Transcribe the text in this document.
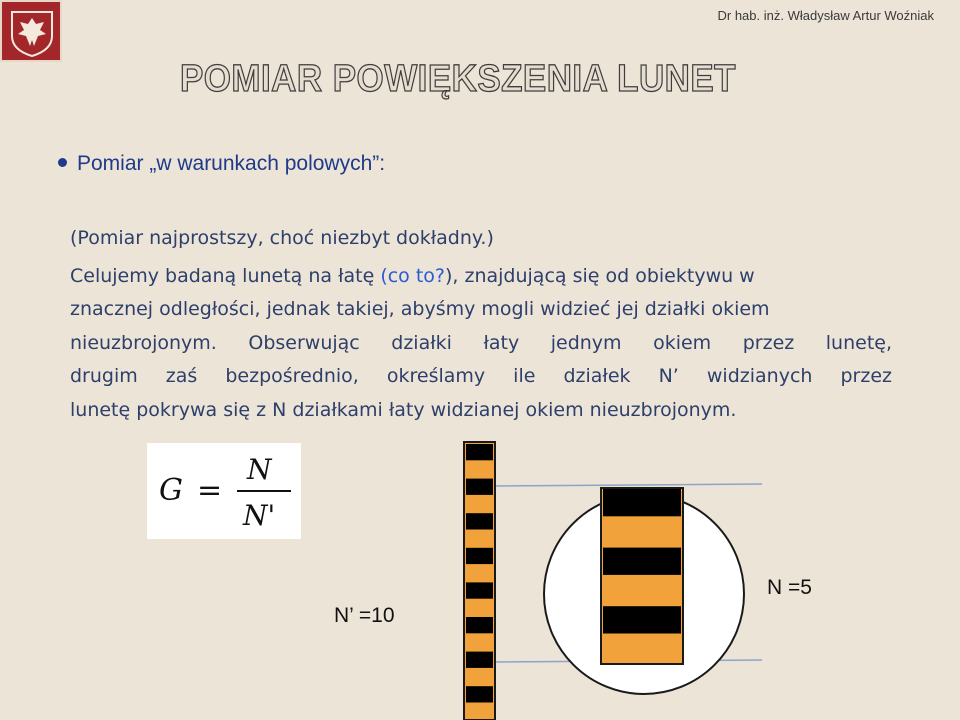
Dr hab. inż. Władysław Artur Woźniak
POMIAR POWIĘKSZENIA LUNET
Pomiar „w warunkach polowych”:
(Pomiar najprostszy, choć niezbyt dokładny.)
Celujemy badaną lunetą na łatę (co to?), znajdującą się od obiektywu w
znacznej odległości, jednak takiej, abyśmy mogli widzieć jej działki okiem
nieuzbrojonym. Obserwując działki łaty jednym okiem przez lunetę,
drugim zaś bezpośrednio, określamy ile działek N’ widzianych przez
lunetę pokrywa się z N działkami łaty widzianej okiem nieuzbrojonym.
G =
N
N'
N’ =10
N =5
